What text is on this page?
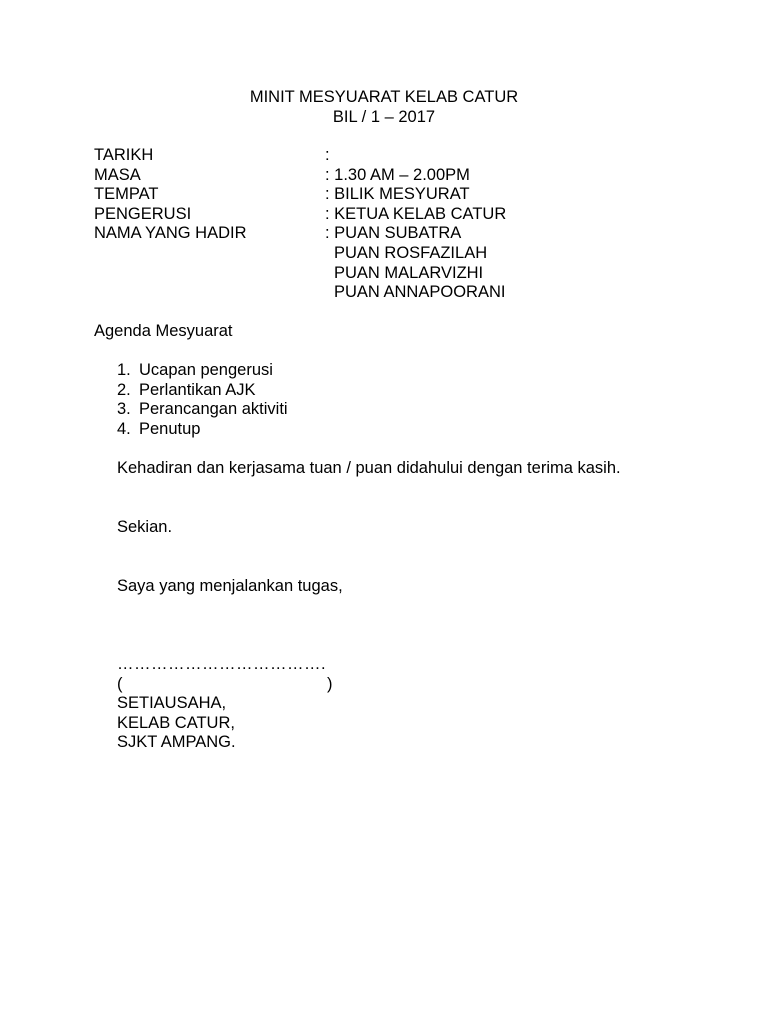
MINIT MESYUARAT KELAB CATUR
BIL / 1 – 2017
TARIKH	:
MASA	: 1.30 AM – 2.00PM
TEMPAT	: BILIK MESYURAT
PENGERUSI	: KETUA KELAB CATUR
NAMA YANG HADIR	: PUAN SUBATRA
PUAN ROSFAZILAH
PUAN MALARVIZHI
PUAN ANNAPOORANI
Agenda Mesyuarat
1. Ucapan pengerusi
2. Perlantikan AJK
3. Perancangan aktiviti
4. Penutup
Kehadiran dan kerjasama tuan / puan didahului dengan terima kasih.
Sekian.
Saya yang menjalankan tugas,
……………………………….
(	)
SETIAUSAHA,
KELAB CATUR,
SJKT AMPANG.
